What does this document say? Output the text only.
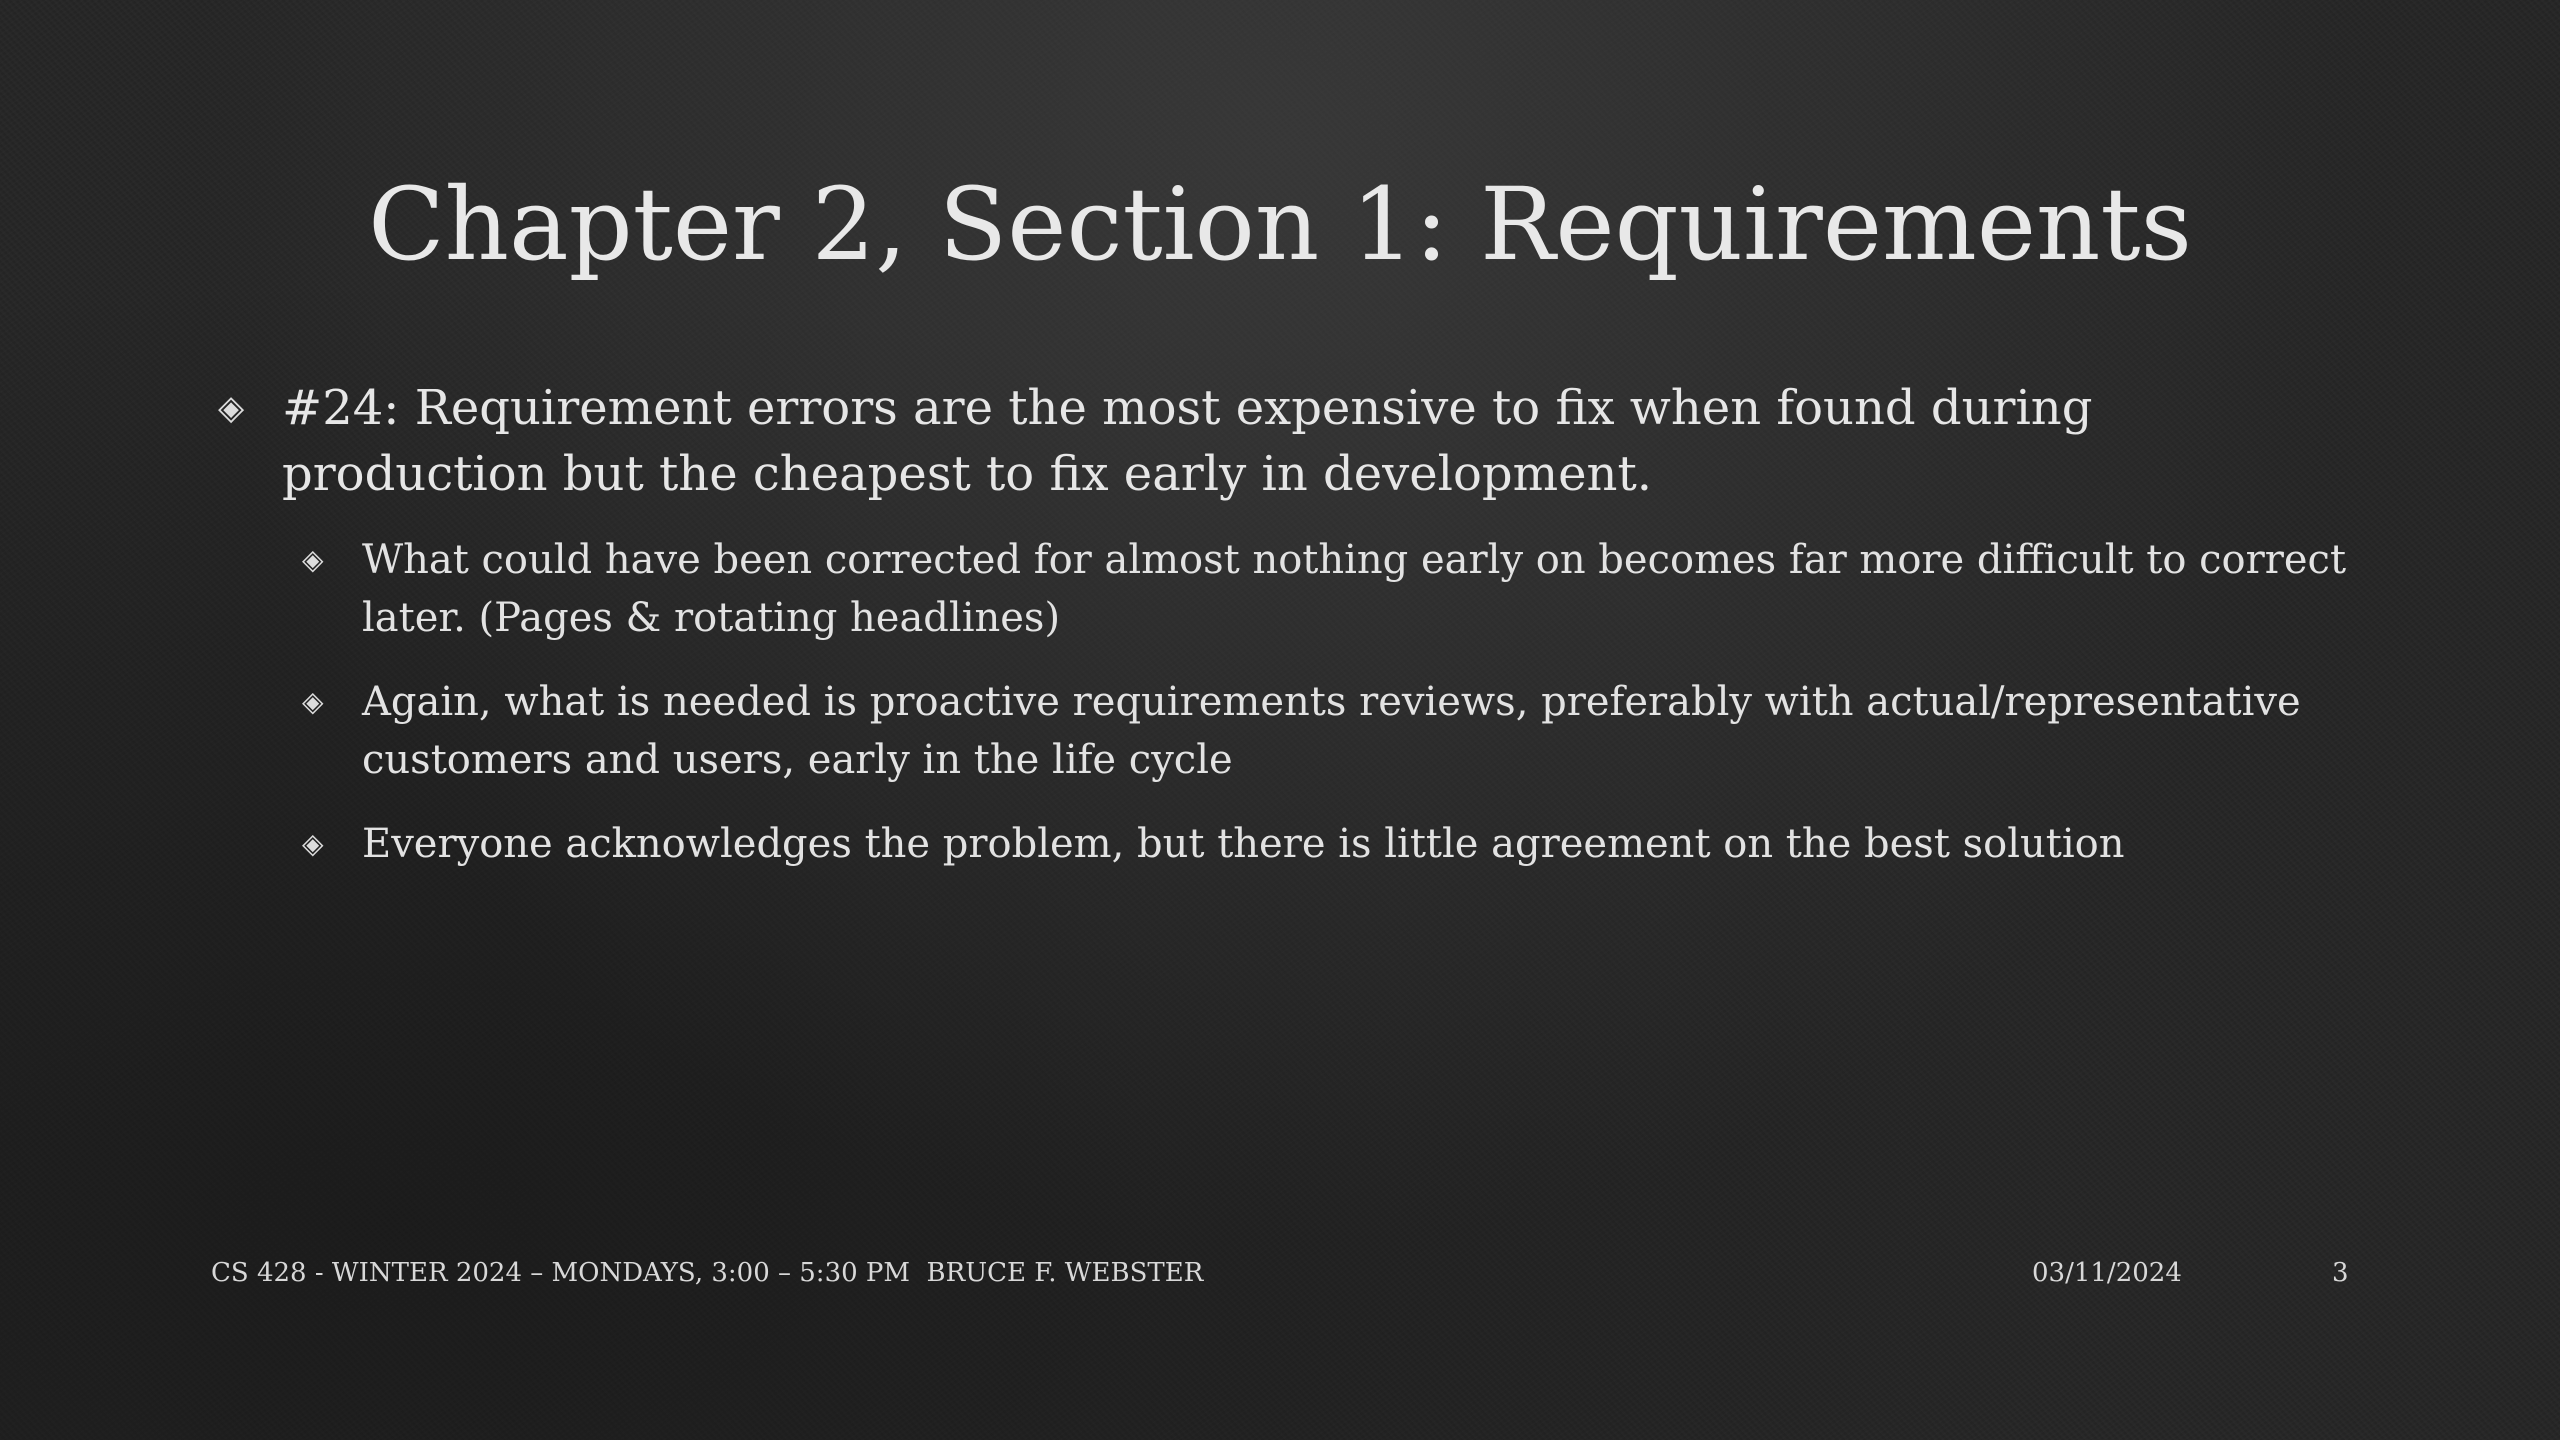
Chapter 2, Section 1: Requirements
◈ #24: Requirement errors are the most expensive to fix when found during production but the cheapest to fix early in development.
◈ What could have been corrected for almost nothing early on becomes far more difficult to correct later. (Pages & rotating headlines)
◈ Again, what is needed is proactive requirements reviews, preferably with actual/representative customers and users, early in the life cycle
◈ Everyone acknowledges the problem, but there is little agreement on the best solution
CS 428 - WINTER 2024 – MONDAYS, 3:00 – 5:30 PM  BRUCE F. WEBSTER	03/11/2024	3
